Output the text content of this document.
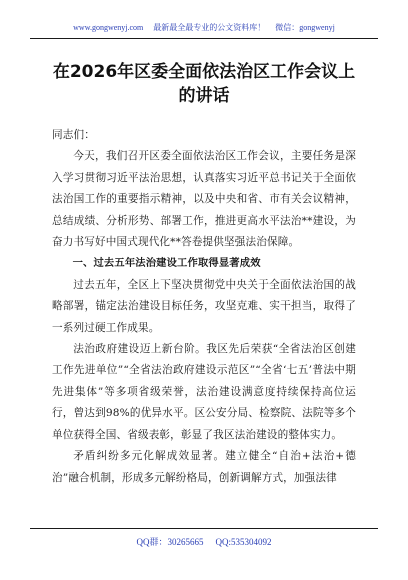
www.gongwenyj.com 最新最全最专业的公文资料库！ 微信：gongwenyj
在2026年区委全面依法治区工作会议上的讲话

同志们：

今天，我们召开区委全面依法治区工作会议，主要任务是深入学习贯彻习近平法治思想，认真落实习近平总书记关于全面依法治国工作的重要指示精神，以及中央和省、市有关会议精神，总结成绩、分析形势、部署工作，推进更高水平法治**建设，为奋力书写好中国式现代化**答卷提供坚强法治保障。

一、过去五年法治建设工作取得显著成效

过去五年，全区上下坚决贯彻党中央关于全面依法治国的战略部署，锚定法治建设目标任务，攻坚克难、实干担当，取得了一系列过硬工作成果。

法治政府建设迈上新台阶。我区先后荣获“全省法治区创建工作先进单位”“全省法治政府建设示范区”“全省‘七五’普法中期先进集体”等多项省级荣誉，法治建设满意度持续保持高位运行，曾达到98%的优异水平。区公安分局、检察院、法院等多个单位获得全国、省级表彰，彰显了我区法治建设的整体实力。

矛盾纠纷多元化解成效显著。建立健全“自治+法治+德治”融合机制，形成多元解纷格局，创新调解方式，加强法律

QQ群：30265665 QQ:535304092
